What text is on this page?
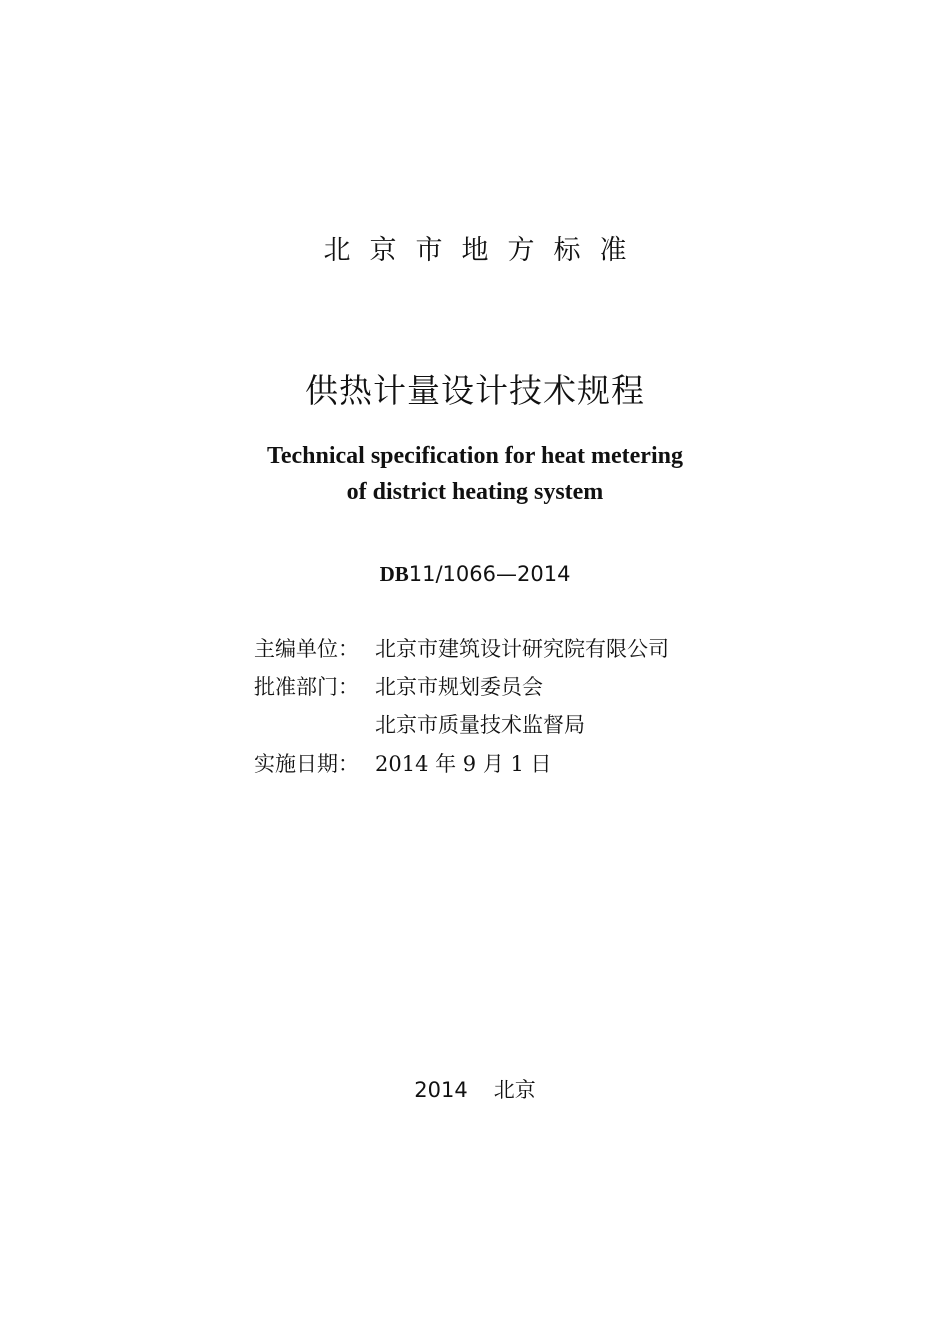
北京市地方标准
供热计量设计技术规程
Technical specification for heat metering
of district heating system
DB11/1066—2014
主编单位： 北京市建筑设计研究院有限公司
批准部门： 北京市规划委员会
北京市质量技术监督局
实施日期： 2014 年 9 月 1 日
2014 北京
